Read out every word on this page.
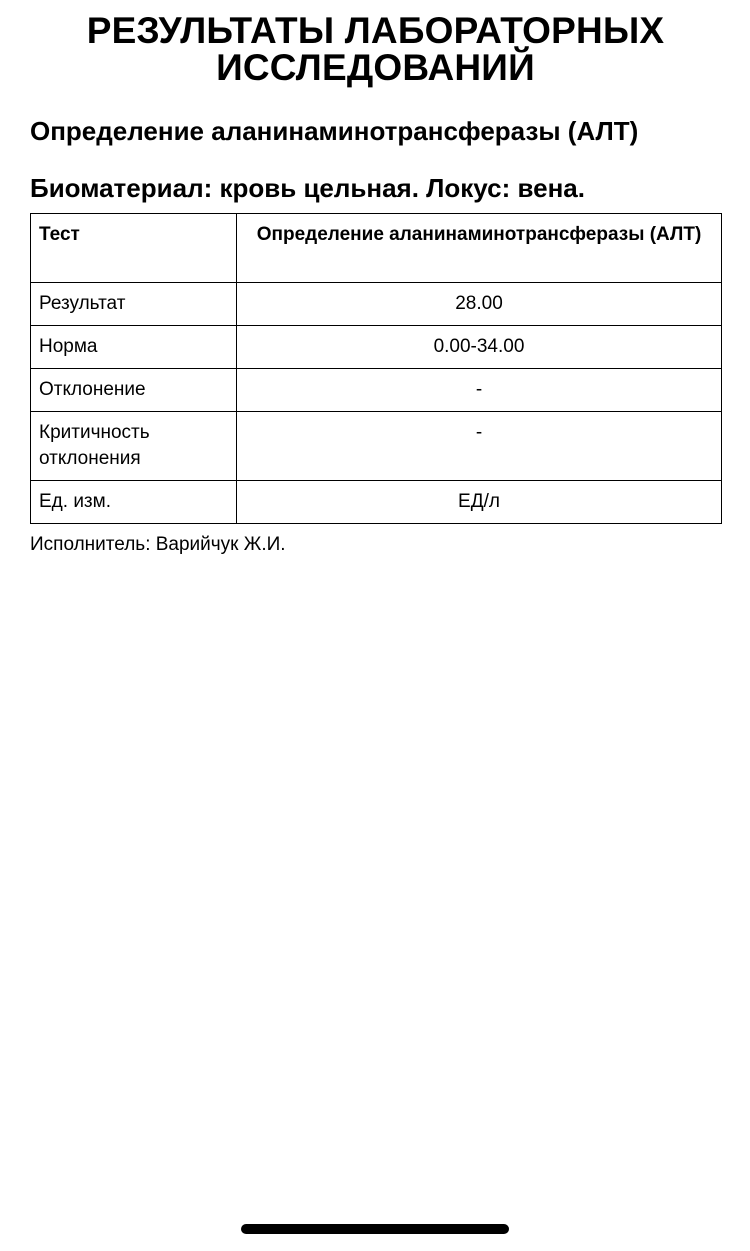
РЕЗУЛЬТАТЫ ЛАБОРАТОРНЫХ ИССЛЕДОВАНИЙ
Определение аланинаминотрансферазы (АЛТ)
Биоматериал: кровь цельная. Локус: вена.
Тест	Определение аланинаминотрансферазы (АЛТ)
Результат	28.00
Норма	0.00-34.00
Отклонение	-
Критичность отклонения	-
Ед. изм.	ЕД/л
Исполнитель: Варийчук Ж.И.
